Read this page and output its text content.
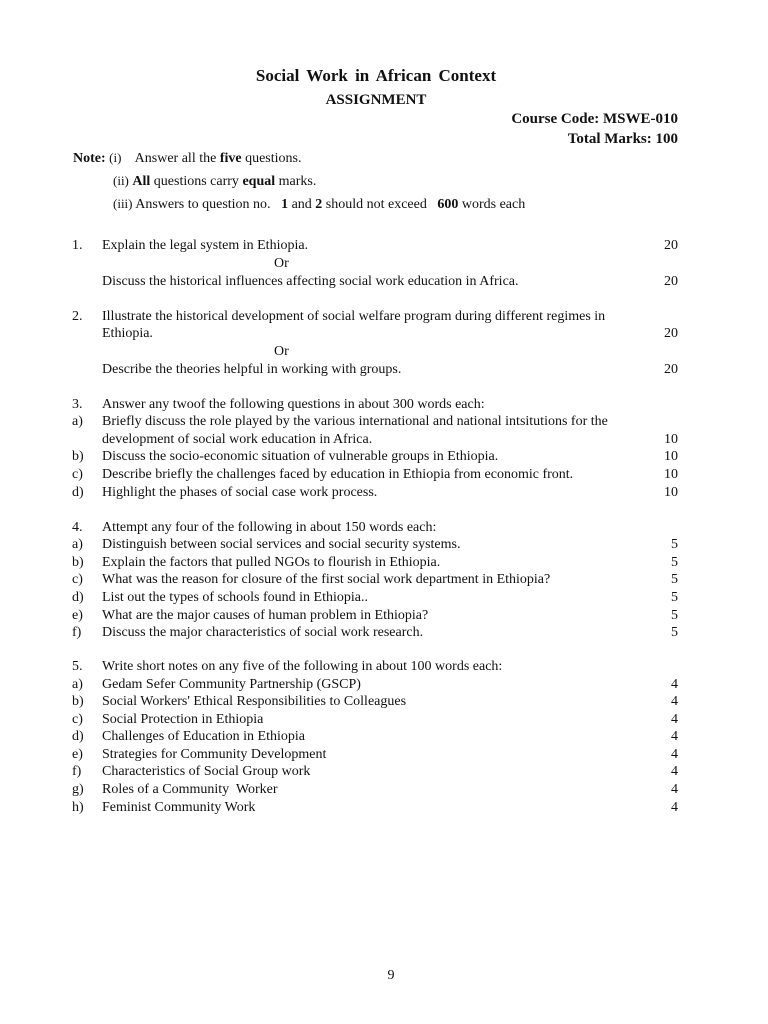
Social Work in African Context
ASSIGNMENT
Course Code: MSWE-010
Total Marks: 100
Note: (i) Answer all the five questions.
(ii) All questions carry equal marks.
(iii) Answers to question no. 1 and 2 should not exceed 600 words each
1. Explain the legal system in Ethiopia.	20
Or
Discuss the historical influences affecting social work education in Africa.	20
2. Illustrate the historical development of social welfare program during different regimes in
Ethiopia.	20
Or
Describe the theories helpful in working with groups.	20
3. Answer any twoof the following questions in about 300 words each:
a) Briefly discuss the role played by the various international and national intsitutions for the
development of social work education in Africa.	10
b) Discuss the socio-economic situation of vulnerable groups in Ethiopia.	10
c) Describe briefly the challenges faced by education in Ethiopia from economic front.	10
d) Highlight the phases of social case work process.	10
4. Attempt any four of the following in about 150 words each:
a) Distinguish between social services and social security systems.	5
b) Explain the factors that pulled NGOs to flourish in Ethiopia.	5
c) What was the reason for closure of the first social work department in Ethiopia?	5
d) List out the types of schools found in Ethiopia..	5
e) What are the major causes of human problem in Ethiopia?	5
f) Discuss the major characteristics of social work research.	5
5. Write short notes on any five of the following in about 100 words each:
a) Gedam Sefer Community Partnership (GSCP)	4
b) Social Workers' Ethical Responsibilities to Colleagues	4
c) Social Protection in Ethiopia	4
d) Challenges of Education in Ethiopia	4
e) Strategies for Community Development	4
f) Characteristics of Social Group work	4
g) Roles of a Community  Worker	4
h) Feminist Community Work	4
9
